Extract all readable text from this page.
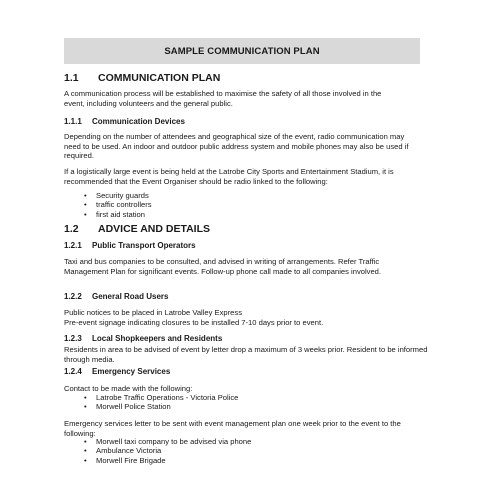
SAMPLE COMMUNICATION PLAN
1.1 COMMUNICATION PLAN
A communication process will be established to maximise the safety of all those involved in the event, including volunteers and the general public.
1.1.1 Communication Devices
Depending on the number of attendees and geographical size of the event, radio communication may need to be used. An indoor and outdoor public address system and mobile phones may also be used if required.
If a logistically large event is being held at the Latrobe City Sports and Entertainment Stadium, it is recommended that the Event Organiser should be radio linked to the following:
• Security guards
• traffic controllers
• first aid station
1.2 ADVICE AND DETAILS
1.2.1 Public Transport Operators
Taxi and bus companies to be consulted, and advised in writing of arrangements. Refer Traffic Management Plan for significant events. Follow-up phone call made to all companies involved.
1.2.2 General Road Users
Public notices to be placed in Latrobe Valley Express
Pre-event signage indicating closures to be installed 7-10 days prior to event.
1.2.3 Local Shopkeepers and Residents
Residents in area to be advised of event by letter drop a maximum of 3 weeks prior. Resident to be informed through media.
1.2.4 Emergency Services
Contact to be made with the following:
• Latrobe Traffic Operations - Victoria Police
• Morwell Police Station
Emergency services letter to be sent with event management plan one week prior to the event to the following:
• Morwell taxi company to be advised via phone
• Ambulance Victoria
• Morwell Fire Brigade
